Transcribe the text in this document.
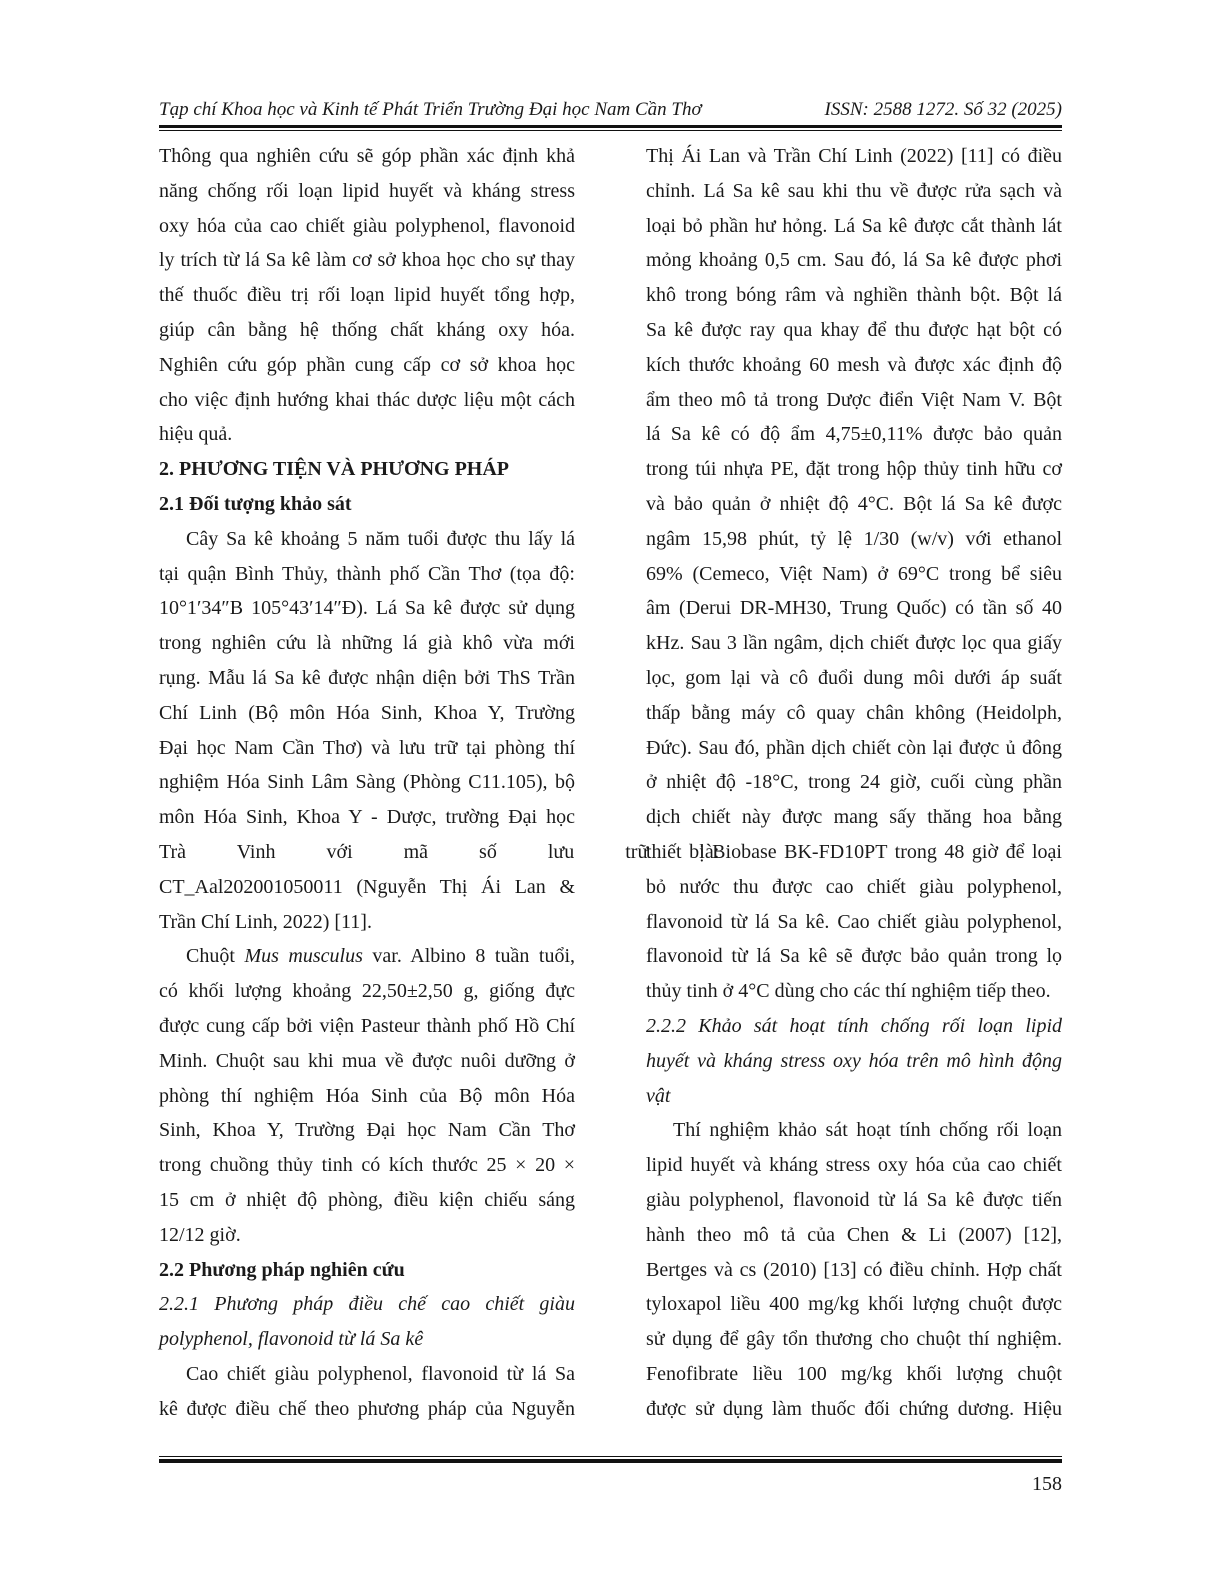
Tạp chí Khoa học và Kinh tế Phát Triển Trường Đại học Nam Cần Thơ	ISSN: 2588 1272. Số 32 (2025)
Thông qua nghiên cứu sẽ góp phần xác định khả
năng chống rối loạn lipid huyết và kháng stress
oxy hóa của cao chiết giàu polyphenol, flavonoid
ly trích từ lá Sa kê làm cơ sở khoa học cho sự thay
thế thuốc điều trị rối loạn lipid huyết tổng hợp,
giúp cân bằng hệ thống chất kháng oxy hóa.
Nghiên cứu góp phần cung cấp cơ sở khoa học
cho việc định hướng khai thác dược liệu một cách
hiệu quả.
2. PHƯƠNG TIỆN VÀ PHƯƠNG PHÁP
2.1 Đối tượng khảo sát
Cây Sa kê khoảng 5 năm tuổi được thu lấy lá
tại quận Bình Thủy, thành phố Cần Thơ (tọa độ:
10°1′34″B 105°43′14″Đ). Lá Sa kê được sử dụng
trong nghiên cứu là những lá già khô vừa mới
rụng. Mẫu lá Sa kê được nhận diện bởi ThS Trần
Chí Linh (Bộ môn Hóa Sinh, Khoa Y, Trường
Đại học Nam Cần Thơ) và lưu trữ tại phòng thí
nghiệm Hóa Sinh Lâm Sàng (Phòng C11.105), bộ
môn Hóa Sinh, Khoa Y - Dược, trường Đại học
Trà Vinh với mã số lưu trữ là:
CT_Aal202001050011 (Nguyễn Thị Ái Lan &
Trần Chí Linh, 2022) [11].
Chuột Mus musculus var. Albino 8 tuần tuổi,
có khối lượng khoảng 22,50±2,50 g, giống đực
được cung cấp bởi viện Pasteur thành phố Hồ Chí
Minh. Chuột sau khi mua về được nuôi dưỡng ở
phòng thí nghiệm Hóa Sinh của Bộ môn Hóa
Sinh, Khoa Y, Trường Đại học Nam Cần Thơ
trong chuồng thủy tinh có kích thước 25 × 20 ×
15 cm ở nhiệt độ phòng, điều kiện chiếu sáng
12/12 giờ.
2.2 Phương pháp nghiên cứu
2.2.1 Phương pháp điều chế cao chiết giàu
polyphenol, flavonoid từ lá Sa kê
Cao chiết giàu polyphenol, flavonoid từ lá Sa
kê được điều chế theo phương pháp của Nguyễn
Thị Ái Lan và Trần Chí Linh (2022) [11] có điều
chỉnh. Lá Sa kê sau khi thu về được rửa sạch và
loại bỏ phần hư hỏng. Lá Sa kê được cắt thành lát
mỏng khoảng 0,5 cm. Sau đó, lá Sa kê được phơi
khô trong bóng râm và nghiền thành bột. Bột lá
Sa kê được ray qua khay để thu được hạt bột có
kích thước khoảng 60 mesh và được xác định độ
ẩm theo mô tả trong Dược điển Việt Nam V. Bột
lá Sa kê có độ ẩm 4,75±0,11% được bảo quản
trong túi nhựa PE, đặt trong hộp thủy tinh hữu cơ
và bảo quản ở nhiệt độ 4°C. Bột lá Sa kê được
ngâm 15,98 phút, tỷ lệ 1/30 (w/v) với ethanol
69% (Cemeco, Việt Nam) ở 69°C trong bể siêu
âm (Derui DR-MH30, Trung Quốc) có tần số 40
kHz. Sau 3 lần ngâm, dịch chiết được lọc qua giấy
lọc, gom lại và cô đuổi dung môi dưới áp suất
thấp bằng máy cô quay chân không (Heidolph,
Đức). Sau đó, phần dịch chiết còn lại được ủ đông
ở nhiệt độ -18°C, trong 24 giờ, cuối cùng phần
dịch chiết này được mang sấy thăng hoa bằng
thiết bị Biobase BK-FD10PT trong 48 giờ để loại
bỏ nước thu được cao chiết giàu polyphenol,
flavonoid từ lá Sa kê. Cao chiết giàu polyphenol,
flavonoid từ lá Sa kê sẽ được bảo quản trong lọ
thủy tinh ở 4°C dùng cho các thí nghiệm tiếp theo.
2.2.2 Khảo sát hoạt tính chống rối loạn lipid
huyết và kháng stress oxy hóa trên mô hình động
vật
Thí nghiệm khảo sát hoạt tính chống rối loạn
lipid huyết và kháng stress oxy hóa của cao chiết
giàu polyphenol, flavonoid từ lá Sa kê được tiến
hành theo mô tả của Chen & Li (2007) [12],
Bertges và cs (2010) [13] có điều chỉnh. Hợp chất
tyloxapol liều 400 mg/kg khối lượng chuột được
sử dụng để gây tổn thương cho chuột thí nghiệm.
Fenofibrate liều 100 mg/kg khối lượng chuột
được sử dụng làm thuốc đối chứng dương. Hiệu
158
